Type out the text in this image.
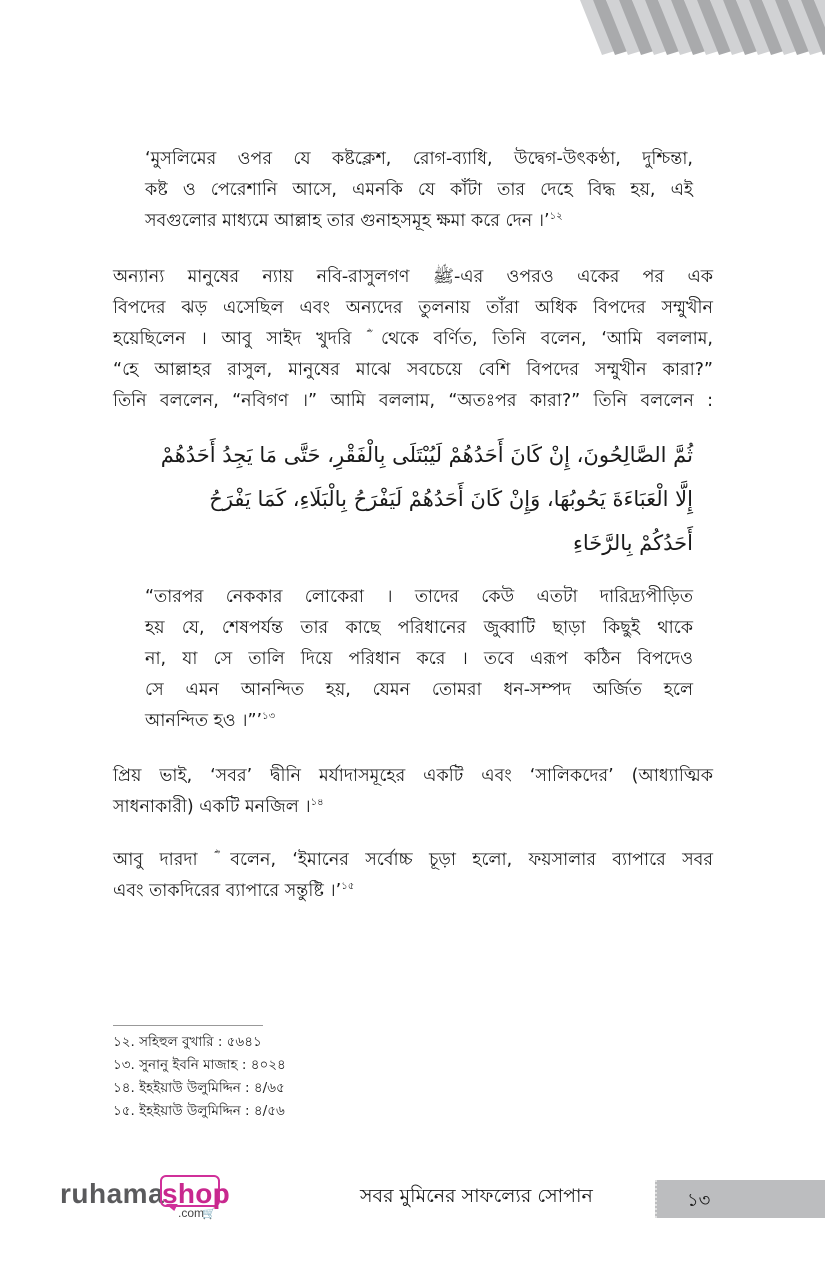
‘মুসলিমের ওপর যে কষ্টক্লেশ, রোগ-ব্যাধি, উদ্বেগ-উৎকণ্ঠা, দুশ্চিন্তা,
কষ্ট ও পেরেশানি আসে, এমনকি যে কাঁটা তার দেহে বিদ্ধ হয়, এই
সবগুলোর মাধ্যমে আল্লাহ তার গুনাহসমূহ ক্ষমা করে দেন ।’$^{১২}$
অন্যান্য মানুষের ন্যায় নবি-রাসুলগণ ﷺ-এর ওপরও একের পর এক
বিপদের ঝড় এসেছিল এবং অন্যদের তুলনায় তাঁরা অধিক বিপদের সম্মুখীন
হয়েছিলেন । আবু সাইদ খুদরি ؓ থেকে বর্ণিত, তিনি বলেন, ‘আমি বললাম,
“হে আল্লাহর রাসুল, মানুষের মাঝে সবচেয়ে বেশি বিপদের সম্মুখীন কারা?”
তিনি বললেন, “নবিগণ ।” আমি বললাম, “অতঃপর কারা?” তিনি বললেন :
ثُمَّ الصَّالِحُونَ، إِنْ كَانَ أَحَدُهُمْ لَيُبْتَلَى بِالْفَقْرِ، حَتَّى مَا يَجِدُ أَحَدُهُمْ
إِلَّا الْعَبَاءَةَ يَحُوبُهَا، وَإِنْ كَانَ أَحَدُهُمْ لَيَفْرَحُ بِالْبَلَاءِ، كَمَا يَفْرَحُ
أَحَدُكُمْ بِالرَّخَاءِ
“তারপর নেককার লোকেরা । তাদের কেউ এতটা দারিদ্র্যপীড়িত
হয় যে, শেষপর্যন্ত তার কাছে পরিধানের জুব্বাটি ছাড়া কিছুই থাকে
না, যা সে তালি দিয়ে পরিধান করে । তবে এরূপ কঠিন বিপদেও
সে এমন আনন্দিত হয়, যেমন তোমরা ধন-সম্পদ অর্জিত হলে
আনন্দিত হও ।”’$^{১৩}$
প্রিয় ভাই, ‘সবর’ দ্বীনি মর্যাদাসমূহের একটি এবং ‘সালিকদের’ (আধ্যাত্মিক
সাধনাকারী) একটি মনজিল ।$^{১৪}$
আবু দারদা ؓ বলেন, ‘ইমানের সর্বোচ্চ চূড়া হলো, ফয়সালার ব্যাপারে সবর
এবং তাকদিরের ব্যাপারে সন্তুষ্টি ।’$^{১৫}$
১২. সহিহুল বুখারি : ৫৬৪১
১৩. সুনানু ইবনি মাজাহ : ৪০২৪
১৪. ইহইয়াউ উলুমিদ্দিন : ৪/৬৫
১৫. ইহইয়াউ উলুমিদ্দিন : ৪/৫৬
ruhama
shop
.com
🛒
সবর মুমিনের সাফল্যের সোপান	১৩
